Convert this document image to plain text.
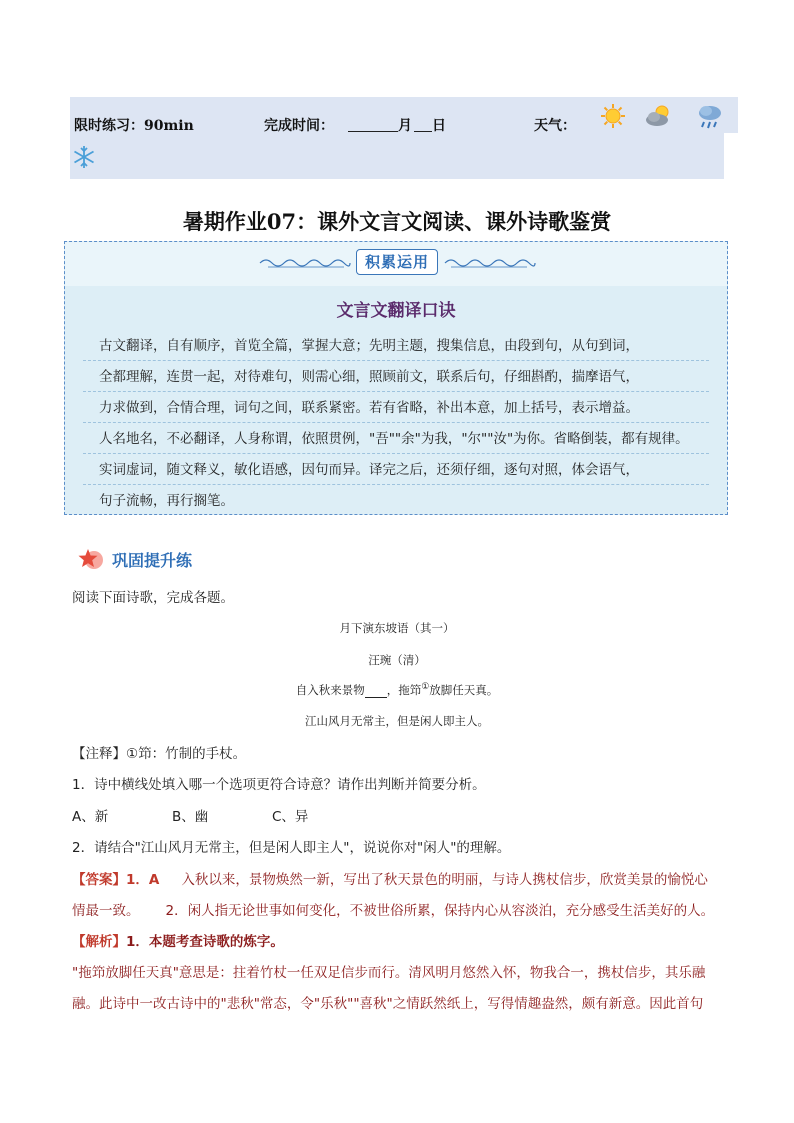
限时练习：90min	完成时间：	月 日	天气：
暑期作业07：课外文言文阅读、课外诗歌鉴赏
积累运用
文言文翻译口诀
古文翻译，自有顺序，首览全篇，掌握大意；先明主题，搜集信息，由段到句，从句到词，
全都理解，连贯一起，对待难句，则需心细，照顾前文，联系后句，仔细斟酌，揣摩语气，
力求做到，合情合理，词句之间，联系紧密。若有省略，补出本意，加上括号，表示增益。
人名地名，不必翻译，人身称谓，依照贯例，"吾""余"为我，"尔""汝"为你。省略倒装，都有规律。
实词虚词，随文释义，敏化语感，因句而异。译完之后，还须仔细，逐句对照，体会语气，
句子流畅，再行搁笔。
巩固提升练
阅读下面诗歌，完成各题。
月下演东坡语（其一）
汪琬（清）
自入秋来景物 ，拖笻①放脚任天真。
江山风月无常主，但是闲人即主人。
【注释】①笻：竹制的手杖。
1．诗中横线处填入哪一个选项更符合诗意？请作出判断并简要分析。
A、新	B、幽	C、异
2．请结合"江山风月无常主，但是闲人即主人"，说说你对"闲人"的理解。
【答案】1．A 入秋以来，景物焕然一新，写出了秋天景色的明丽，与诗人携杖信步，欣赏美景的愉悦心
情最一致。 2．闲人指无论世事如何变化，不被世俗所累，保持内心从容淡泊，充分感受生活美好的人。
【解析】1．本题考查诗歌的炼字。
"拖笻放脚任天真"意思是：拄着竹杖一任双足信步而行。清风明月悠然入怀，物我合一，携杖信步，其乐融
融。此诗中一改古诗中的"悲秋"常态，令"乐秋""喜秋"之情跃然纸上，写得情趣盎然，颇有新意。因此首句
